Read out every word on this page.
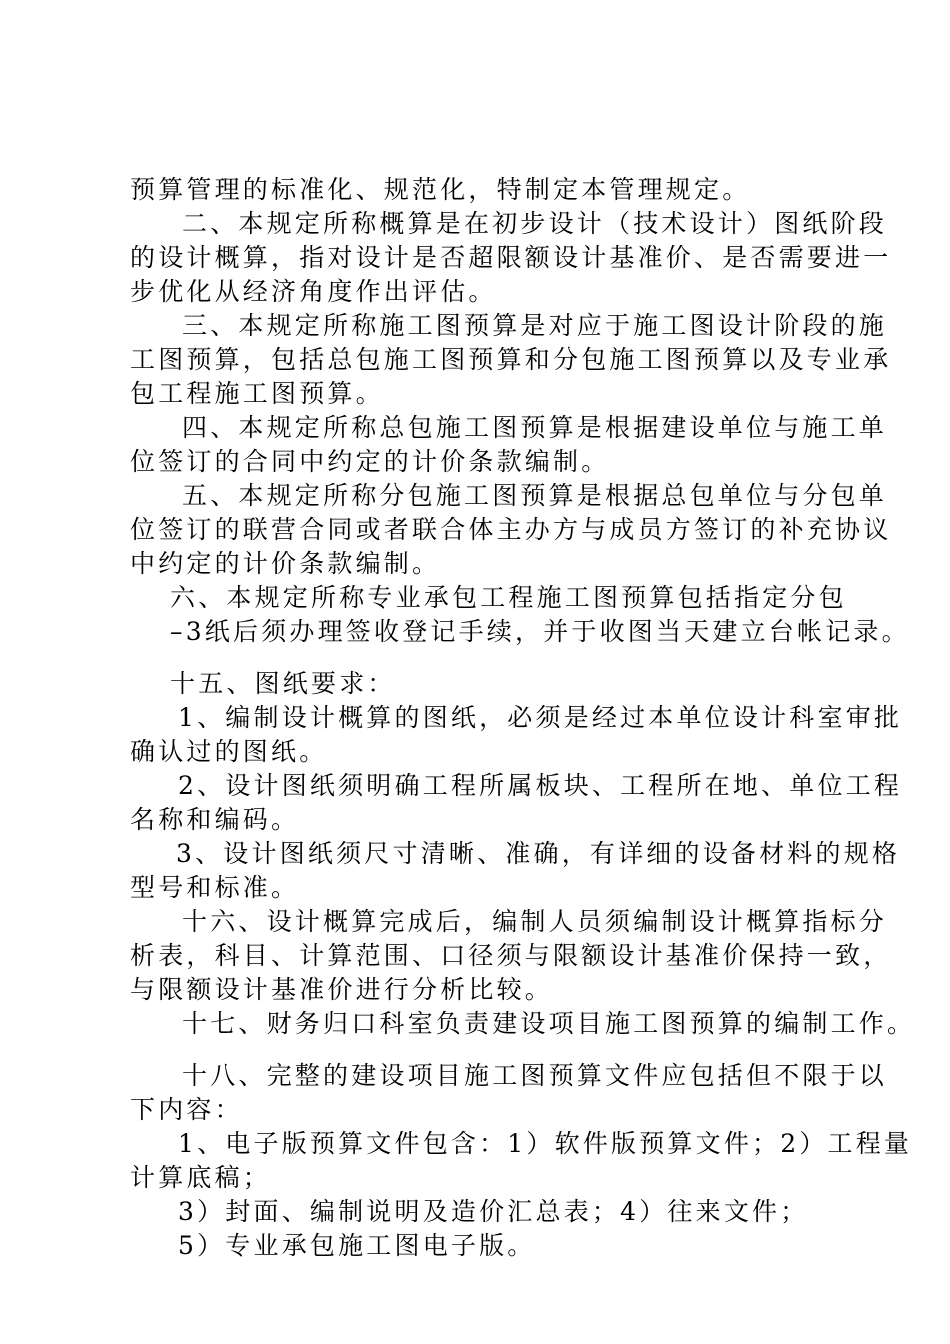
预算管理的标准化、规范化，特制定本管理规定。
二、本规定所称概算是在初步设计（技术设计）图纸阶段
的设计概算，指对设计是否超限额设计基准价、是否需要进一
步优化从经济角度作出评估。
三、本规定所称施工图预算是对应于施工图设计阶段的施
工图预算，包括总包施工图预算和分包施工图预算以及专业承
包工程施工图预算。
四、本规定所称总包施工图预算是根据建设单位与施工单
位签订的合同中约定的计价条款编制。
五、本规定所称分包施工图预算是根据总包单位与分包单
位签订的联营合同或者联合体主办方与成员方签订的补充协议
中约定的计价条款编制。
六、本规定所称专业承包工程施工图预算包括指定分包
–3纸后须办理签收登记手续，并于收图当天建立台帐记录。
十五、图纸要求：
1、编制设计概算的图纸，必须是经过本单位设计科室审批
确认过的图纸。
2、设计图纸须明确工程所属板块、工程所在地、单位工程
名称和编码。
3、设计图纸须尺寸清晰、准确，有详细的设备材料的规格
型号和标准。
十六、设计概算完成后，编制人员须编制设计概算指标分
析表，科目、计算范围、口径须与限额设计基准价保持一致，
与限额设计基准价进行分析比较。
十七、财务归口科室负责建设项目施工图预算的编制工作。
十八、完整的建设项目施工图预算文件应包括但不限于以
下内容：
1、电子版预算文件包含：1）软件版预算文件；2）工程量
计算底稿；
3）封面、编制说明及造价汇总表；4）往来文件；
5）专业承包施工图电子版。
